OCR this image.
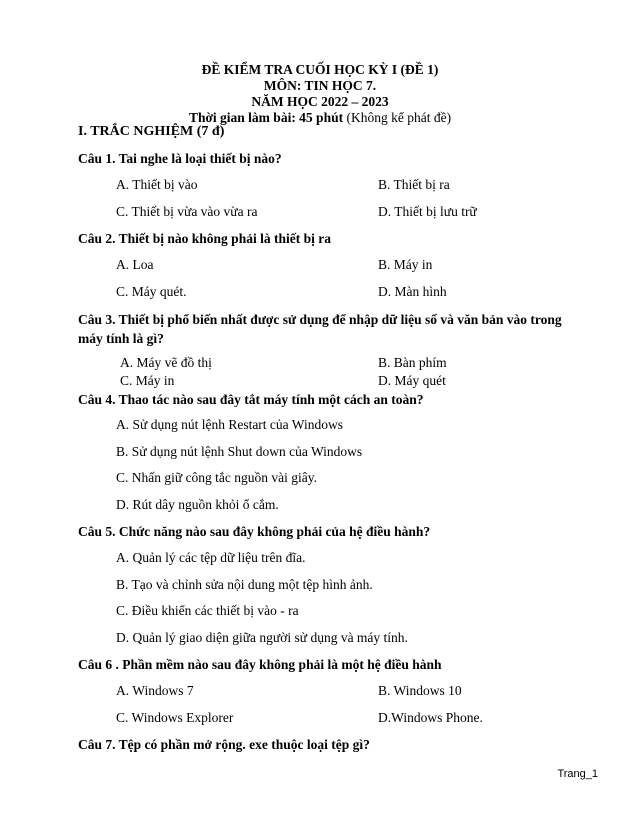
ĐỀ KIỂM TRA CUỐI HỌC KỲ I (ĐỀ 1)
MÔN: TIN HỌC 7.
NĂM HỌC 2022 – 2023
Thời gian làm bài: 45 phút (Không kể phát đề)
I. TRẮC NGHIỆM (7 đ)
Câu 1. Tai nghe là loại thiết bị nào?
A. Thiết bị vào	B. Thiết bị ra
C. Thiết bị vừa vào vừa ra	D. Thiết bị lưu trữ
Câu 2. Thiết bị nào không phải là thiết bị ra
A. Loa	B. Máy in
C. Máy quét.	D. Màn hình
Câu 3. Thiết bị phổ biến nhất được sử dụng để nhập dữ liệu số và văn bản vào trong máy tính là gì?
A. Máy vẽ đồ thị	B. Bàn phím
C. Máy in	D. Máy quét
Câu 4. Thao tác nào sau đây tắt máy tính một cách an toàn?
A. Sử dụng nút lệnh Restart của Windows
B. Sử dụng nút lệnh Shut down của Windows
C. Nhấn giữ công tắc nguồn vài giây.
D. Rút dây nguồn khỏi ổ cắm.
Câu 5. Chức năng nào sau đây không phải của hệ điều hành?
A. Quản lý các tệp dữ liệu trên đĩa.
B. Tạo và chỉnh sửa nội dung một tệp hình ảnh.
C. Điều khiển các thiết bị vào - ra
D. Quản lý giao diện giữa người sử dụng và máy tính.
Câu 6 . Phần mềm nào sau đây không phải là một hệ điều hành
A. Windows 7	B. Windows 10
C. Windows Explorer	D.Windows Phone.
Câu 7. Tệp có phần mở rộng. exe thuộc loại tệp gì?
Trang_1
